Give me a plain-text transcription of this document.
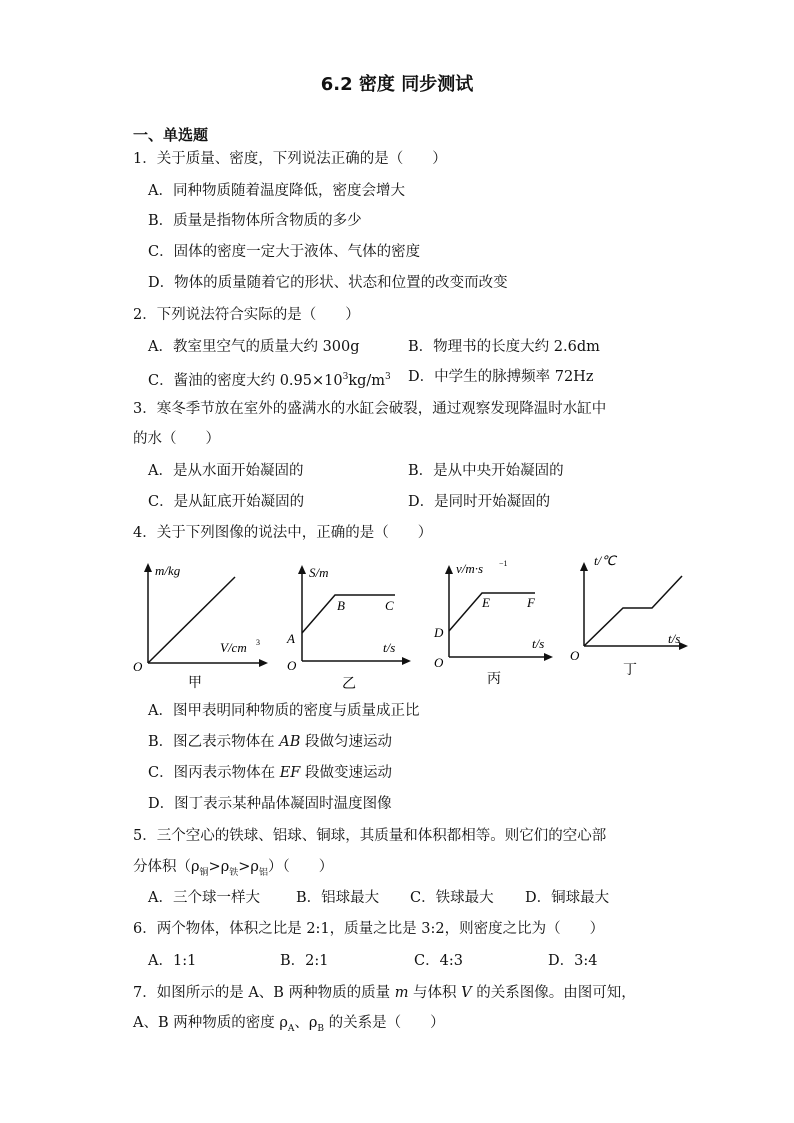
6.2 密度 同步测试
一、单选题
1．关于质量、密度，下列说法正确的是（　　）
A．同种物质随着温度降低，密度会增大
B．质量是指物体所含物质的多少
C．固体的密度一定大于液体、气体的密度
D．物体的质量随着它的形状、状态和位置的改变而改变
2．下列说法符合实际的是（　　）
A．教室里空气的质量大约 300g	B．物理书的长度大约 2.6dm
C．酱油的密度大约 $0.95\times 10^3kg/m^3$ D．中学生的脉搏频率 72Hz
3．寒冬季节放在室外的盛满水的水缸会破裂，通过观察发现降温时水缸中
的水（　　）
A．是从水面开始凝固的	B．是从中央开始凝固的
C．是从缸底开始凝固的	D．是同时开始凝固的
4．关于下列图像的说法中，正确的是（　　）
m/kg
V/cm 3
O
甲
S/m
t/s
A
B	C
O
乙
v/m·s −1
t/s
D
E	F
O
丙
t/℃
t/s
O
丁
A．图甲表明同种物质的密度与质量成正比
B．图乙表示物体在 AB 段做匀速运动
C．图丙表示物体在 EF 段做变速运动
D．图丁表示某种晶体凝固时温度图像
5．三个空心的铁球、铝球、铜球，其质量和体积都相等。则它们的空心部
分体积$(\rho_铜>\rho_铁>\rho_铝)$（　　）
A．三个球一样大 B．铝球最大 C．铁球最大 D．铜球最大
6．两个物体，体积之比是 2:1，质量之比是 3:2，则密度之比为（　　）
A．1:1	B．2:1	C．4:3	D．3:4
7．如图所示的是 A、B 两种物质的质量 m 与体积 V 的关系图像。由图可知，
A、B 两种物质的密度 $\rho_A$、$\rho_B$ 的关系是（　　）
